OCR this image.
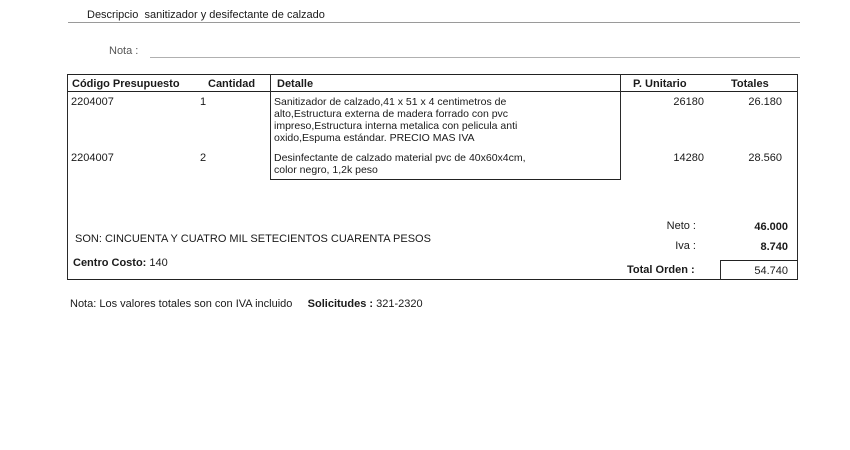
Descripcio sanitizador y desifectante de calzado
Nota :
Código Presupuesto	Cantidad Detalle	P. Unitario	Totales
2204007	1	Sanitizador de calzado,41 x 51 x 4 centimetros de
alto,Estructura externa de madera forrado con pvc
impreso,Estructura interna metalica con pelicula anti
oxido,Espuma estándar. PRECIO MAS IVA
26180	26.180
2204007	2	Desinfectante de calzado material pvc de 40x60x4cm,
color negro, 1,2k peso
14280	28.560
SON: CINCUENTA Y CUATRO MIL SETECIENTOS CUARENTA PESOS
Centro Costo: 140
Neto :	46.000
Iva :	8.740
Total Orden :	54.740
Nota: Los valores totales son con IVA incluido Solicitudes : 321-2320
